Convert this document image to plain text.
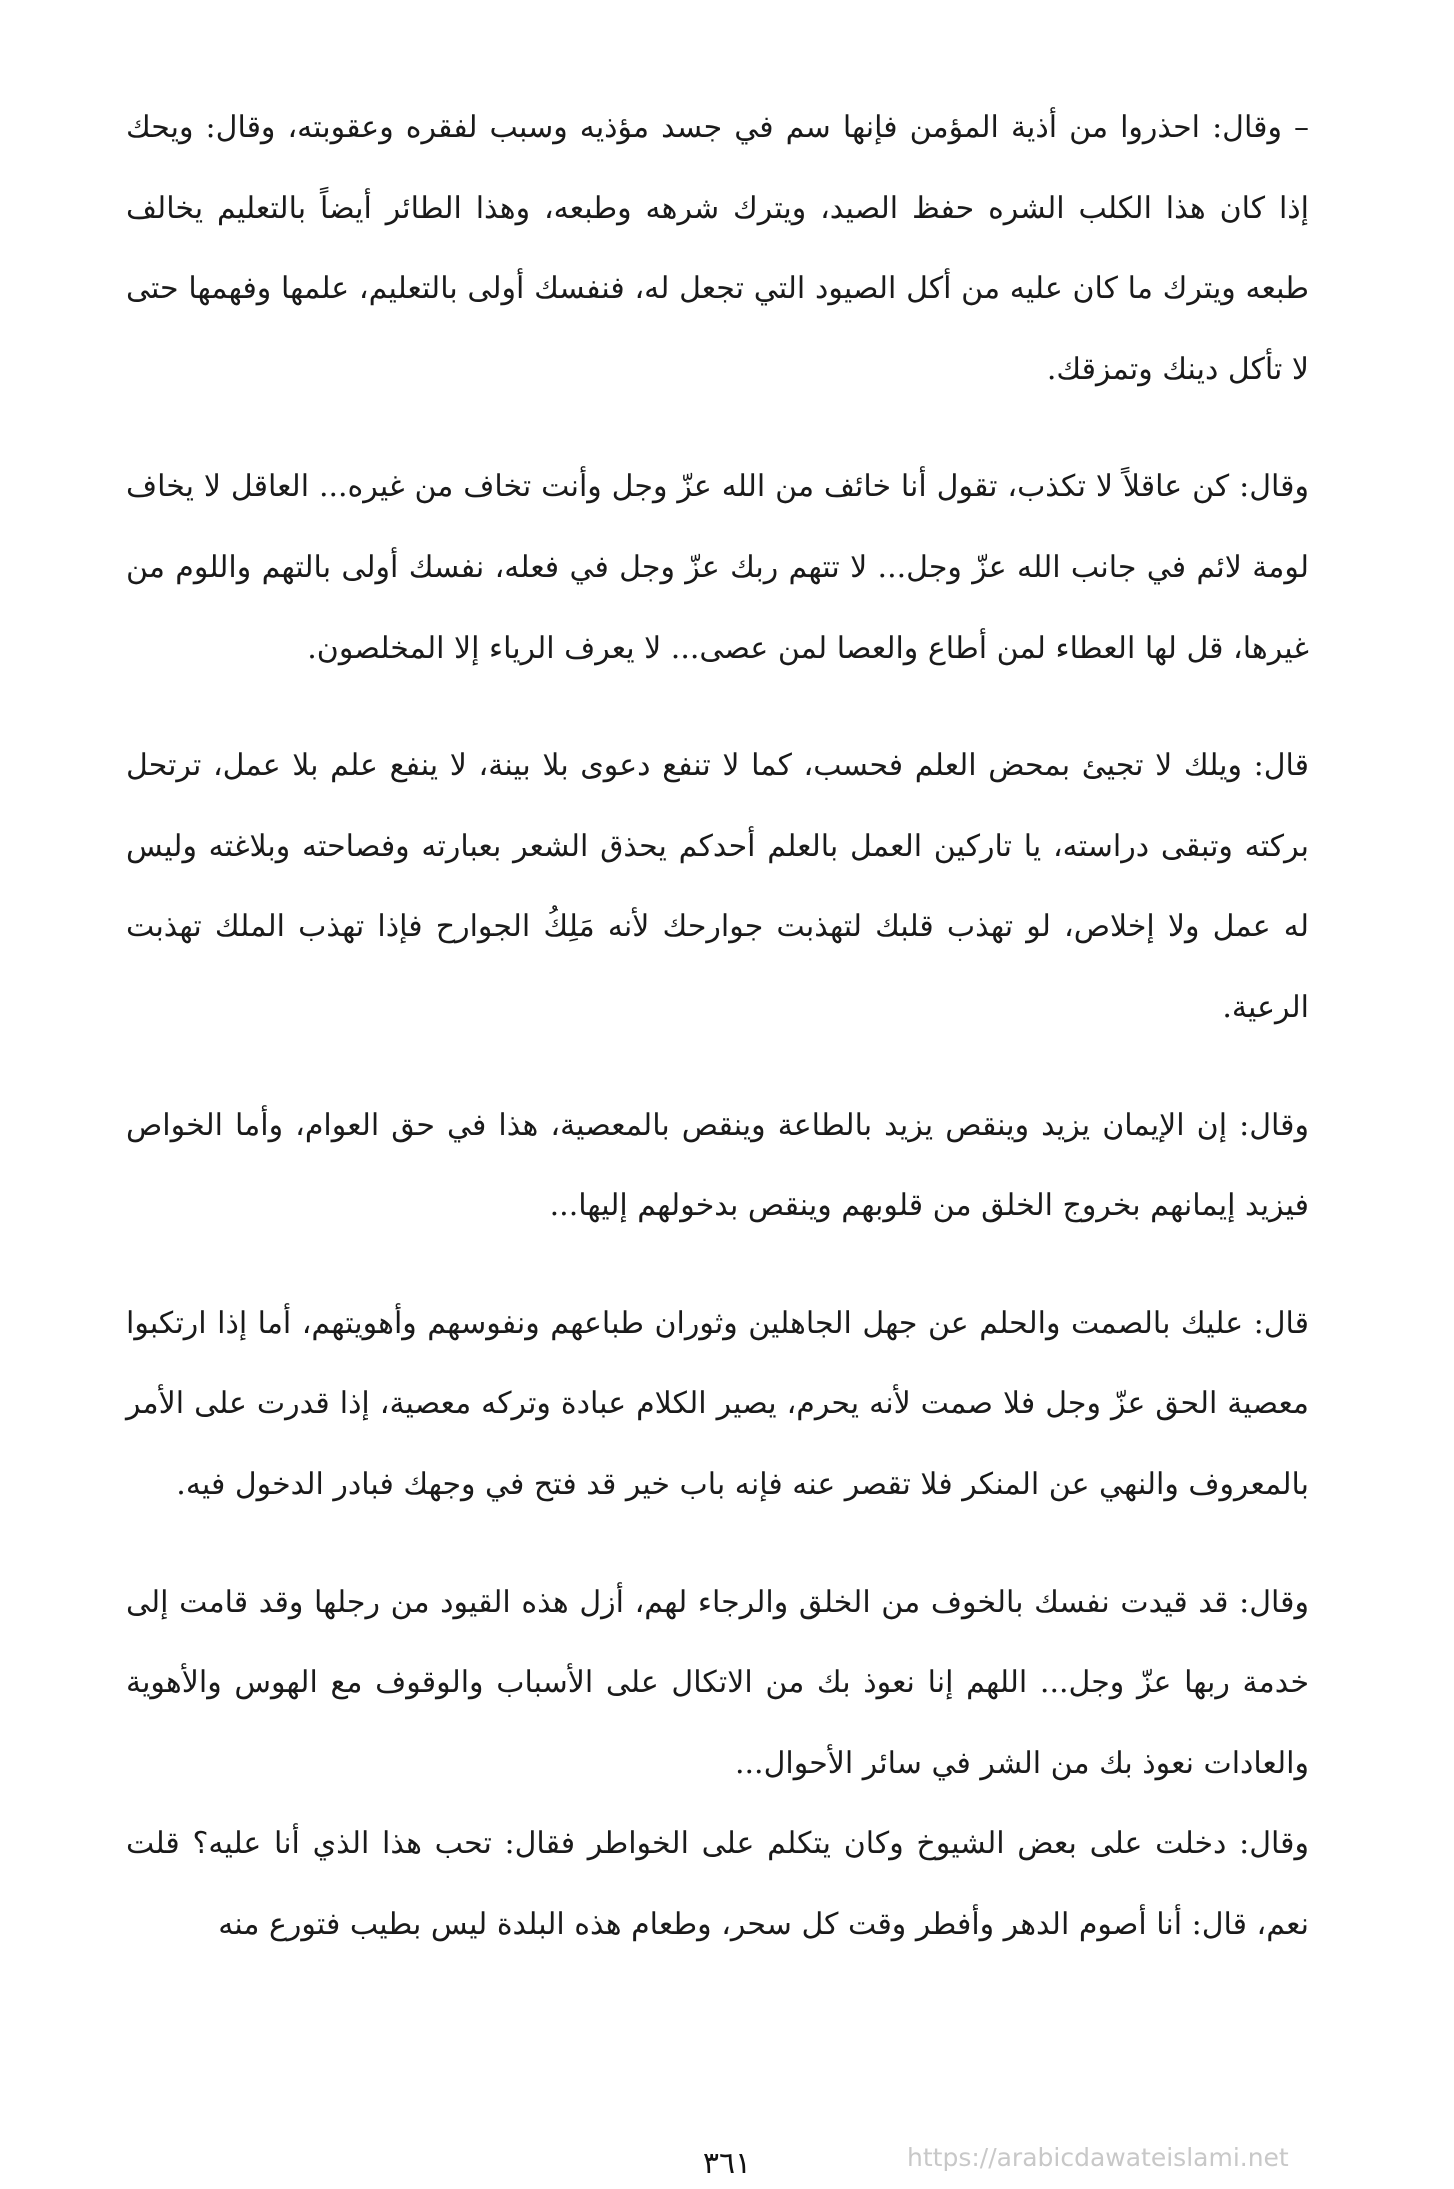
– وقال: احذروا من أذية المؤمن فإنها سم في جسد مؤذيه وسبب لفقره وعقوبته، وقال: ويحك إذا كان هذا الكلب الشره حفظ الصيد، ويترك شرهه وطبعه، وهذا الطائر أيضاً بالتعليم يخالف طبعه ويترك ما كان عليه من أكل الصيود التي تجعل له، فنفسك أولى بالتعليم، علمها وفهمها حتى لا تأكل دينك وتمزقك.

وقال: كن عاقلاً لا تكذب، تقول أنا خائف من الله عزّ وجل وأنت تخاف من غيره... العاقل لا يخاف لومة لائم في جانب الله عزّ وجل... لا تتهم ربك عزّ وجل في فعله، نفسك أولى بالتهم واللوم من غيرها، قل لها العطاء لمن أطاع والعصا لمن عصى... لا يعرف الرياء إلا المخلصون.

قال: ويلك لا تجيئ بمحض العلم فحسب، كما لا تنفع دعوى بلا بينة، لا ينفع علم بلا عمل، ترتحل بركته وتبقى دراسته، يا تاركين العمل بالعلم أحدكم يحذق الشعر بعبارته وفصاحته وبلاغته وليس له عمل ولا إخلاص، لو تهذب قلبك لتهذبت جوارحك لأنه مَلِكُ الجوارح فإذا تهذب الملك تهذبت الرعية.

وقال: إن الإيمان يزيد وينقص يزيد بالطاعة وينقص بالمعصية، هذا في حق العوام، وأما الخواص فيزيد إيمانهم بخروج الخلق من قلوبهم وينقص بدخولهم إليها...

قال: عليك بالصمت والحلم عن جهل الجاهلين وثوران طباعهم ونفوسهم وأهويتهم، أما إذا ارتكبوا معصية الحق عزّ وجل فلا صمت لأنه يحرم، يصير الكلام عبادة وتركه معصية، إذا قدرت على الأمر بالمعروف والنهي عن المنكر فلا تقصر عنه فإنه باب خير قد فتح في وجهك فبادر الدخول فيه.

وقال: قد قيدت نفسك بالخوف من الخلق والرجاء لهم، أزل هذه القيود من رجلها وقد قامت إلى خدمة ربها عزّ وجل... اللهم إنا نعوذ بك من الاتكال على الأسباب والوقوف مع الهوس والأهوية والعادات نعوذ بك من الشر في سائر الأحوال...

وقال: دخلت على بعض الشيوخ وكان يتكلم على الخواطر فقال: تحب هذا الذي أنا عليه؟ قلت نعم، قال: أنا أصوم الدهر وأفطر وقت كل سحر، وطعام هذه البلدة ليس بطيب فتورع منه

٣٦١	https://arabicdawateislami.net
